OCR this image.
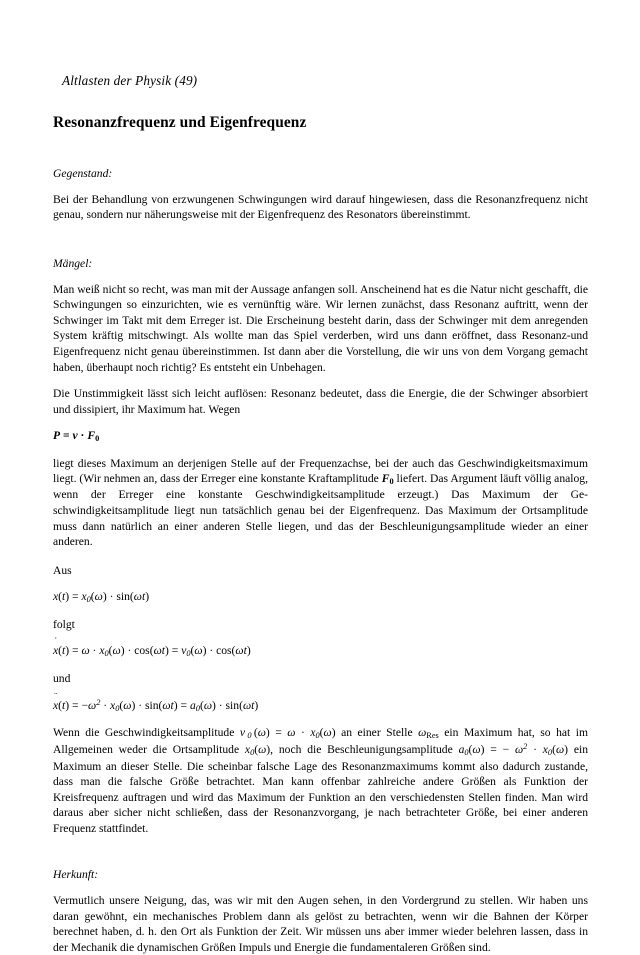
Altlasten der Physik (49)
Resonanzfrequenz und Eigenfrequenz
Gegenstand:

Bei der Behandlung von erzwungenen Schwingungen wird darauf hingewiesen, dass die Resonanzfrequenz nicht genau, sondern nur näherungsweise mit der Eigenfrequenz des Resonators übereinstimmt.

Mängel:

Man weiß nicht so recht, was man mit der Aussage anfangen soll. Anscheinend hat es die Natur nicht geschafft, die Schwingungen so einzurichten, wie es vernünftig wäre. Wir lernen zunächst, dass Resonanz auftritt, wenn der Schwinger im Takt mit dem Erreger ist. Die Erscheinung besteht darin, dass der Schwinger mit dem anregenden System kräftig mitschwingt. Als wollte man das Spiel verderben, wird uns dann eröffnet, dass Resonanz-und Eigenfrequenz nicht genau übereinstimmen. Ist dann aber die Vorstellung, die wir uns von dem Vorgang gemacht haben, überhaupt noch richtig? Es entsteht ein Unbehagen.

Die Unstimmigkeit lässt sich leicht auflösen: Resonanz bedeutet, dass die Energie, die der Schwinger absorbiert und dissipiert, ihr Maximum hat. Wegen

$P = v \cdot F_0$

liegt dieses Maximum an derjenigen Stelle auf der Frequenzachse, bei der auch das Geschwindigkeitsmaximum liegt. (Wir nehmen an, dass der Erreger eine konstante Kraftamplitude $F_0$ liefert. Das Argument läuft völlig analog, wenn der Erreger eine konstante Geschwindigkeitsamplitude erzeugt.) Das Maximum der Geschwindigkeitsamplitude liegt nun tatsächlich genau bei der Eigenfrequenz. Das Maximum der Ortsamplitude muss dann natürlich an einer anderen Stelle liegen, und das der Beschleunigungsamplitude wieder an einer anderen.

Aus
$x(t) = x_0(\omega) \cdot \sin(\omega t)$
folgt
˙
$x(t) = \omega \cdot x_0(\omega) \cdot \cos(\omega t) = v_0(\omega) \cdot \cos(\omega t)$
und
¨
$x(t) = -\omega^2 \cdot x_0(\omega) \cdot \sin(\omega t) = a_0(\omega) \cdot \sin(\omega t)$

Wenn die Geschwindigkeitsamplitude v  $_0$  $(\omega) = \omega \cdot x_0(\omega)$ an einer Stelle $\omega_{Res}$ ein Maximum hat, so hat im Allgemeinen weder die Ortsamplitude $x_0(\omega)$, noch die Beschleunigungsamplitude $a_0(\omega)$ = − $\omega^2 \cdot x_0(\omega)$ ein Maximum an dieser Stelle. Die scheinbar falsche Lage des Resonanzmaximums kommt also dadurch zustande, dass man die falsche Größe betrachtet. Man kann offenbar zahlreiche andere Größen als Funktion der Kreisfrequenz auftragen und wird das Maximum der Funktion an den verschiedensten Stellen finden. Man wird daraus aber sicher nicht schließen, dass der Resonanzvorgang, je nach betrachteter Größe, bei einer anderen Frequenz stattfindet.

Herkunft:

Vermutlich unsere Neigung, das, was wir mit den Augen sehen, in den Vordergrund zu stellen. Wir haben uns daran gewöhnt, ein mechanisches Problem dann als gelöst zu betrachten, wenn wir die Bahnen der Körper berechnet haben, d. h. den Ort als Funktion der Zeit. Wir müssen uns aber immer wieder belehren lassen, dass in der Mechanik die dynamischen Größen Impuls und Energie die fundamentaleren Größen sind.
